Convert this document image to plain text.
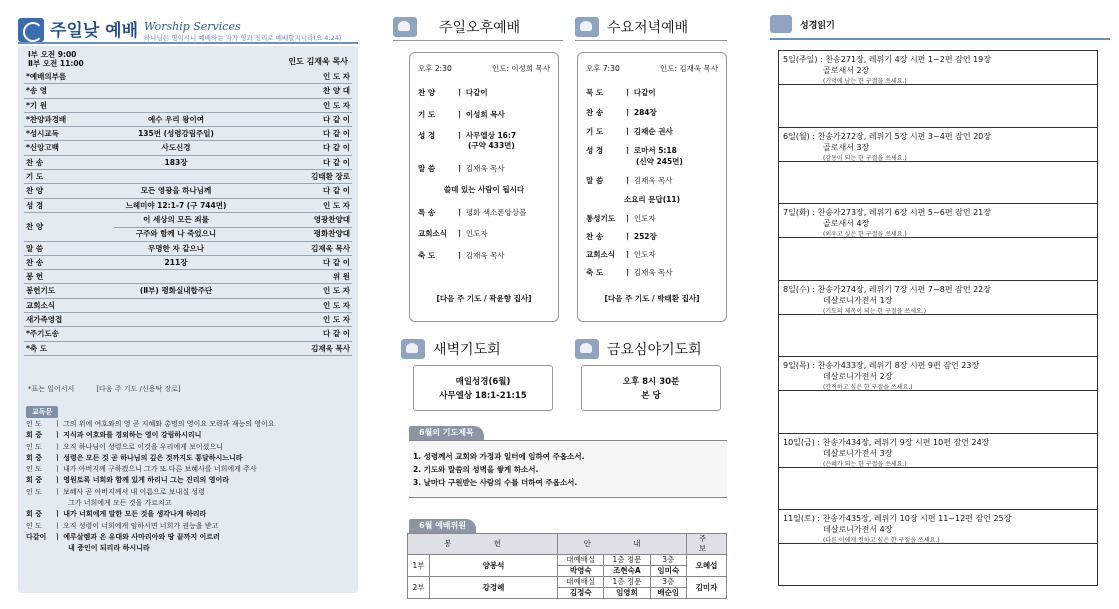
주일낮 예배 Worship Services
하나님은 영이시니 예배하는 자가 영과 진리로 예배할지니라(요 4:24)
Ⅰ부 오전 9:00
Ⅱ부 오전 11:00	인도 김재욱 목사
*예배의부름	인 도 자
*송 영	찬 양 대
*기 원	인 도 자
*찬양과경배	예수 우리 왕이여	다 같 이
*성시교독	135번 (성령강림주일)	다 같 이
*신앙고백	사도신경	다 같 이
찬 송	183장	다 같 이
기 도	김태환 장로
찬 양	모든 영광을 하나님께	다 같 이
성 경	느헤미야 12:1-7 (구 744면)	인 도 자
찬 양
이 세상의 모든 죄를	영광찬양대
구주와 함께 나 죽었으니	평화찬양대
말 씀	무명한 자 같으나	김재욱 목사
찬 송	211장	다 같 이
봉 헌	위 원
봉헌기도	(Ⅱ부) 평화실내합주단	인 도 자
교회소식	인 도 자
새가족영접	인 도 자
*주기도송	다 같 이
*축 도	김재욱 목사
*표는 일어서서	[다음 주 기도 /신용탁 장로]
교독문
인 도 ㅣ 그의 위에 여호와의 영 곧 지혜와 총명의 영이요 모략과 재능의 영이요
회 중 ㅣ 지식과 여호와를 경외하는 영이 강림하시리니
인 도 ㅣ 오직 하나님이 성령으로 이것을 우리에게 보이셨으니
회 중 ㅣ 성령은 모든 것 곧 하나님의 깊은 것까지도 통달하시느니라
인 도 ㅣ 내가 아버지께 구하겠으니 그가 또 다른 보혜사를 너희에게 주사
회 중 ㅣ 영원토록 너희와 함께 있게 하리니 그는 진리의 영이라
인 도 ㅣ 보혜사 곧 아버지께서 내 이름으로 보내실 성령
그가 너희에게 모든 것을 가르치고
회 중 ㅣ 내가 너희에게 말한 모든 것을 생각나게 하리라
인 도 ㅣ 오직 성령이 너희에게 임하시면 너희가 권능을 받고
다같이 ㅣ 예루살렘과 온 유대와 사마리아와 땅 끝까지 이르러
내 증인이 되리라 하시니라
주일오후예배
오후 2:30	인도: 이성희 목사
찬 양	ㅣ 다같이
기 도	ㅣ 이성희 목사
성 경	ㅣ 사무엘상 16:7
(구약 433면)
말 씀	ㅣ 김재욱 목사
쓸데 있는 사람이 됩시다
특 송	ㅣ 평화 색소폰앙상블
교회소식 ㅣ 인도자
축 도	ㅣ 김재욱 목사
[다음 주 기도 / 곽윤향 집사]
수요저녁예배
오후 7:30	인도: 김재욱 목사
묵 도	ㅣ 다같이
찬 송	ㅣ 284장
기 도	ㅣ 김재순 권사
성 경	ㅣ 로마서 5:18
(신약 245면)
말 씀	ㅣ 김재욱 목사
소요리 문답(11)
통성기도 ㅣ 인도자
찬 송	ㅣ 252장
교회소식 ㅣ 인도자
축 도	ㅣ 김재욱 목사
[다음 주 기도 / 박태환 집사]
새벽기도회
매일성경(6월)
사무엘상 18:1-21:15
금요심야기도회
오후 8시 30분
본 당
6월의 기도제목
1. 성령께서 교회와 가정과 일터에 임하여 주옵소서.
2. 기도와 말씀의 성벽을 쌓게 하소서.
3. 날마다 구원받는 사람의 수를 더하여 주옵소서.
6월 예배위원
봉 헌		안 내			주 보
1부	양봉석	대예배실	1층 정문	3층	오혜섭
		박영숙	조현숙A	임미숙	
2부	강경례	대예배실	1층 정문	3층	김미자
		김정숙	임영희	배순임	
성경읽기
5일(주일) : 찬송271장, 레위기 4장 시편 1~2편 잠언 19장
골로새서 2장
(기억에 남는 한 구절을 쓰세요.)
6일(월) : 찬송가272장, 레위기 5장 시편 3~4편 잠언 20장
골로새서 3장
(감동이 되는 한 구절을 쓰세요.)
7일(화) : 찬송가273장, 레위기 6장 시편 5~6편 잠언 21장
골로새서 4장
(외우고 싶은 한 구절을 쓰세요.)
8일(수) : 찬송가274장, 레위기 7장 시편 7~8편 잠언 22장
데살로니가전서 1장
(기도의 제목이 되는 한 구절을 쓰세요.)
9일(목) : 찬송가433장, 레위기 8장 시편 9편 잠언 23장
데살로니가전서 2장
(간직하고 싶은 한 구절을 쓰세요.)
10일(금) : 찬송가434장, 레위기 9장 시편 10편 잠언 24장
데살로니가전서 3장
(은혜가 되는 한 구절을 쓰세요.)
11일(토) : 찬송가435장, 레위기 10장 시편 11~12편 잠언 25장
데살로니가전서 4장
(다른 이에게 전하고 싶은 한 구절을 쓰세요.)
